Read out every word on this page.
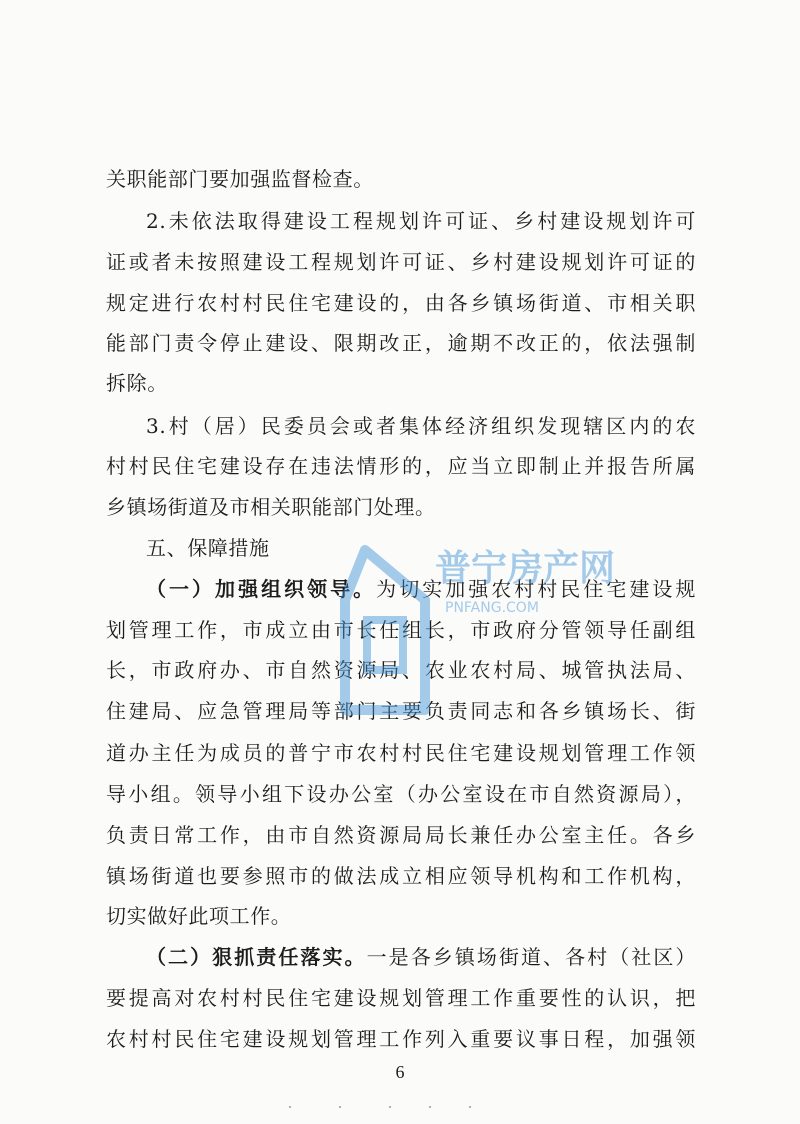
关职能部门要加强监督检查。
2.未依法取得建设工程规划许可证、乡村建设规划许可
证或者未按照建设工程规划许可证、乡村建设规划许可证的
规定进行农村村民住宅建设的，由各乡镇场街道、市相关职
能部门责令停止建设、限期改正，逾期不改正的，依法强制
拆除。
3.村（居）民委员会或者集体经济组织发现辖区内的农
村村民住宅建设存在违法情形的，应当立即制止并报告所属
乡镇场街道及市相关职能部门处理。
五、保障措施
（一）加强组织领导。为切实加强农村村民住宅建设规
划管理工作，市成立由市长任组长，市政府分管领导任副组
长，市政府办、市自然资源局、农业农村局、城管执法局、
住建局、应急管理局等部门主要负责同志和各乡镇场长、街
道办主任为成员的普宁市农村村民住宅建设规划管理工作领
导小组。领导小组下设办公室（办公室设在市自然资源局），
负责日常工作，由市自然资源局局长兼任办公室主任。各乡
镇场街道也要参照市的做法成立相应领导机构和工作机构，
切实做好此项工作。
（二）狠抓责任落实。一是各乡镇场街道、各村（社区）
要提高对农村村民住宅建设规划管理工作重要性的认识，把
农村村民住宅建设规划管理工作列入重要议事日程，加强领
6
普宁房产网
PNFANG.COM
